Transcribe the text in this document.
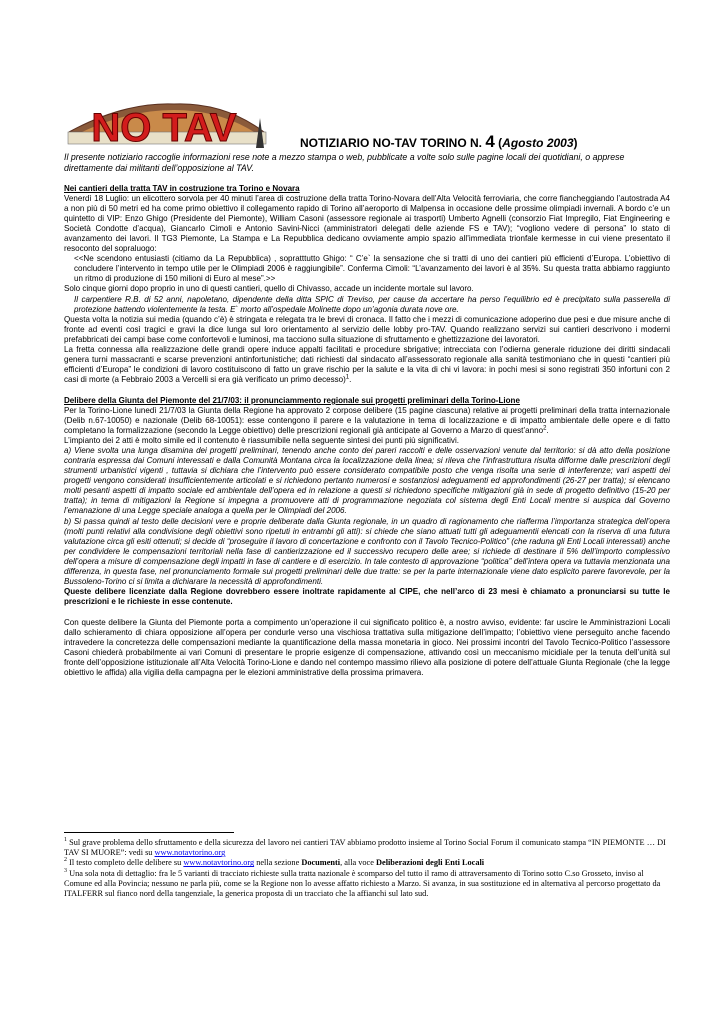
NO TAV	NOTIZIARIO NO-TAV TORINO N. 4 (Agosto 2003)
Il presente notiziario raccoglie informazioni rese note a mezzo stampa o web, pubblicate a volte solo sulle pagine locali dei quotidiani, o apprese direttamente dai militanti dell’opposizione al TAV.

Nei cantieri della tratta TAV in costruzione tra Torino e Novara

Venerdì 18 Luglio: un elicottero sorvola per 40 minuti l’area di costruzione della tratta Torino-Novara dell’Alta Velocità ferroviaria, che corre fiancheggiando l’autostrada A4 a non più di 50 metri ed ha come primo obiettivo il collegamento rapido di Torino all’aeroporto di Malpensa in occasione delle prossime olimpiadi invernali. A bordo c’e un quintetto di VIP: Enzo Ghigo (Presidente del Piemonte), William Casoni (assessore regionale ai trasporti) Umberto Agnelli (consorzio Fiat Impregilo, Fiat Engineering e Società Condotte d’acqua), Giancarlo Cimoli e Antonio Savini-Nicci (amministratori delegati delle aziende FS e TAV); “vogliono vedere di persona” lo stato di avanzamento dei lavori. Il TG3 Piemonte, La Stampa e La Repubblica dedicano ovviamente ampio spazio all’immediata trionfale kermesse in cui viene presentato il resoconto del sopraluogo:

<<Ne scendono entusiasti (citiamo da La Repubblica) , sopratttutto Ghigo: “ C’e` la sensazione che si tratti di uno dei cantieri più efficienti d’Europa. L’obiettivo di concludere l’intervento in tempo utile per le Olimpiadi 2006 è raggiungibile”. Conferma Cimoli: “L’avanzamento dei lavori è al 35%. Su questa tratta abbiamo raggiunto un ritmo di produzione di 150 milioni di Euro al mese”.>>

Solo cinque giorni dopo proprio in uno di questi cantieri, quello di Chivasso, accade un incidente mortale sul lavoro.

Il carpentiere R.B. di 52 anni, napoletano, dipendente della ditta SPIC di Treviso, per cause da accertare ha perso l’equilibrio ed è precipitato sulla passerella di protezione battendo violentemente la testa. E` morto all’ospedale Molinette dopo un’agonia durata nove ore.

Questa volta la notizia sui media (quando c’è) è stringata e relegata tra le brevi di cronaca. Il fatto che i mezzi di comunicazione adoperino due pesi e due misure anche di fronte ad eventi così tragici e gravi la dice lunga sul loro orientamento al servizio delle lobby pro-TAV. Quando realizzano servizi sui cantieri descrivono i moderni prefabbricati dei campi base come confortevoli e luminosi, ma tacciono sulla situazione di sfruttamento e ghettizzazione dei lavoratori.

La fretta connessa alla realizzazione delle grandi opere induce appalti facilitati e procedure sbrigative; intrecciata con l’odierna generale riduzione dei diritti sindacali genera turni massacranti e scarse prevenzioni antinfortunistiche; dati richiesti dal sindacato all’assessorato regionale alla sanità testimoniano che in questi “cantieri più efficienti d’Europa” le condizioni di lavoro costituiscono di fatto un grave rischio per la salute e la vita di chi vi lavora: in pochi mesi si sono registrati 350 infortuni con 2 casi di morte (a Febbraio 2003 a Vercelli si era già verificato un primo decesso)$^1$.

Delibere della Giunta del Piemonte del 21/7/03: il pronunciammento regionale sui progetti preliminari della Torino-Lione

Per la Torino-Lione lunedì 21/7/03 la Giunta della Regione ha approvato 2 corpose delibere (15 pagine ciascuna) relative ai progetti preliminari della tratta internazionale (Delib n.67-10050) e nazionale (Delib 68-10051): esse contengono il parere e la valutazione in tema di localizzazione e di impatto ambientale delle opere e di fatto completano la formalizzazione (secondo la Legge obiettivo) delle prescrizioni regionali già anticipate al Governo a Marzo di quest’anno$^2$.

L’impianto dei 2 atti è molto simile ed il contenuto è riassumibile nella seguente sintesi dei punti più significativi.

a) Viene svolta una lunga disamina dei progetti preliminari, tenendo anche conto dei pareri raccolti e delle osservazioni venute dal territorio: si dà atto della posizione contraria espressa dai Comuni interessati e dalla Comunità Montana circa la localizzazione della linea; si rileva che l’infrastruttura risulta difforme dalle prescrizioni degli strumenti urbanistici vigenti , tuttavia si dichiara che l’intervento può essere considerato compatibile posto che venga risolta una serie di interferenze; vari aspetti dei progetti vengono considerati insufficientemente articolati e si richiedono pertanto numerosi e sostanziosi adeguamenti ed approfondimenti (26-27 per tratta); si elencano molti pesanti aspetti di impatto sociale ed ambientale dell’opera ed in relazione a questi si richiedono specifiche mitigazioni già in sede di progetto definitivo (15-20 per tratta); in tema di mitigazioni la Regione si impegna a promuovere atti di programmazione negoziata col sistema degli Enti Locali mentre si auspica dal Governo l’emanazione di una Legge speciale analoga a quella per le Olimpiadi del 2006.

b) Si passa quindi al testo delle decisioni vere e proprie deliberate dalla Giunta regionale, in un quadro di ragionamento che riafferma l’importanza strategica dell’opera (molti punti relativi alla condivisione degli obiettivi sono ripetuti in entrambi gli atti): si chiede che siano attuati tutti gli adeguamentii elencati con la riserva di una futura valutazione circa gli esiti ottenuti; si decide di “proseguire il lavoro di concertazione e confronto con il Tavolo Tecnico-Politico” (che raduna gli Enti Locali interessati) anche per condividere le compensazioni territoriali nella fase di cantierizzazione ed il successivo recupero delle aree; si richiede di destinare il 5% dell’importo complessivo dell’opera a misure di compensazione degli impatti in fase di cantiere e di esercizio. In tale contesto di approvazione “politica” dell’intera opera va tuttavia menzionata una differenza, in questa fase, nel pronunciamento formale sui progetti preliminari delle due tratte: se per la parte internazionale viene dato esplicito parere favorevole, per la Bussoleno-Torino ci si limita a dichiarare la necessità di approfondimenti.

Queste delibere licenziate dalla Regione dovrebbero essere inoltrate rapidamente al CIPE, che nell’arco di 23 mesi è chiamato a pronunciarsi su tutte le prescrizioni e le richieste in esse contenute.

Con queste delibere la Giunta del Piemonte porta a compimento un’operazione il cui significato politico è, a nostro avviso, evidente: far uscire le Amministrazioni Locali dallo schieramento di chiara opposizione all’opera per condurle verso una vischiosa trattativa sulla mitigazione dell’impatto; l’obiettivo viene perseguito anche facendo intravedere la concretezza delle compensazioni mediante la quantificazione della massa monetaria in gioco. Nei prossimi incontri del Tavolo Tecnico-Politico l’assessore Casoni chiederà probabilmente ai vari Comuni di presentare le proprie esigenze di compensazione, attivando così un meccanismo micidiale per la tenuta dell’unità sul fronte dell’opposizione istituzionale all’Alta Velocità Torino-Lione e dando nel contempo massimo rilievo alla posizione di potere dell’attuale Giunta Regionale (che la legge obiettivo le affida) alla vigilia della campagna per le elezioni amministrative della prossima primavera.

$^1$ Sul grave problema dello sfruttamento e della sicurezza del lavoro nei cantieri TAV abbiamo prodotto insieme al Torino Social Forum il comunicato stampa “IN PIEMONTE … DI TAV SI MUORE”: vedi su www.notavtorino.org

$^2$ Il testo completo delle delibere su www.notavtorino.org nella sezione Documenti, alla voce Deliberazioni degli Enti Locali

$^3$ Una sola nota di dettaglio: fra le 5 varianti di tracciato richieste sulla tratta nazionale è scomparso del tutto il ramo di attraversamento di Torino sotto C.so Grosseto, inviso al Comune ed alla Povincia; nessuno ne parla più, come se la Regione non lo avesse affatto richiesto a Marzo. Si avanza, in sua sostituzione ed in alternativa al percorso progettato da ITALFERR sul fianco nord della tangenziale, la generica proposta di un tracciato che la affianchi sul lato sud.
